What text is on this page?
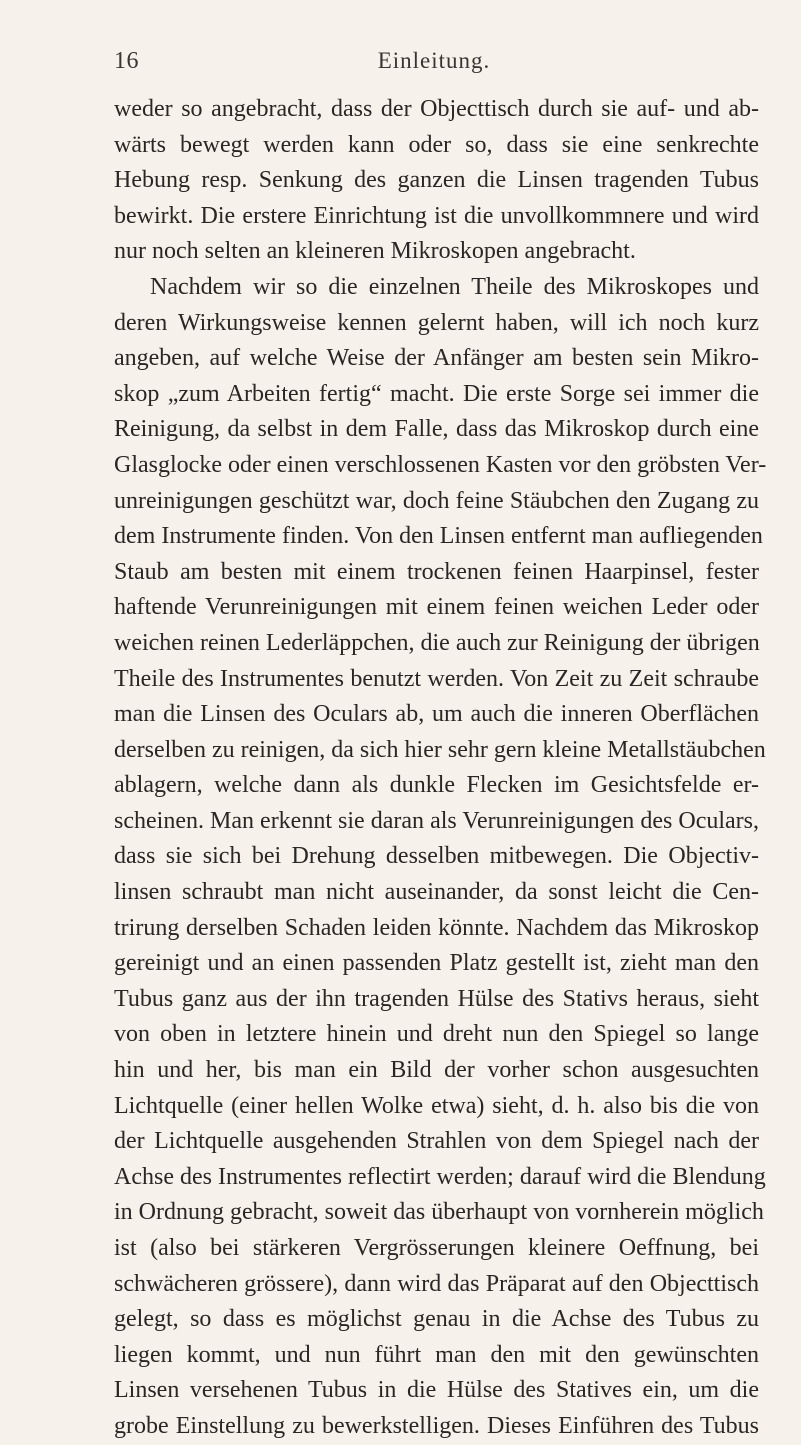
16	Einleitung.
weder so angebracht, dass der Objecttisch durch sie auf- und ab-
wärts bewegt werden kann oder so, dass sie eine senkrechte
Hebung resp. Senkung des ganzen die Linsen tragenden Tubus
bewirkt. Die erstere Einrichtung ist die unvollkommnere und wird
nur noch selten an kleineren Mikroskopen angebracht.
Nachdem wir so die einzelnen Theile des Mikroskopes und
deren Wirkungsweise kennen gelernt haben, will ich noch kurz
angeben, auf welche Weise der Anfänger am besten sein Mikro-
skop „zum Arbeiten fertig“ macht. Die erste Sorge sei immer die
Reinigung, da selbst in dem Falle, dass das Mikroskop durch eine
Glasglocke oder einen verschlossenen Kasten vor den gröbsten Ver-
unreinigungen geschützt war, doch feine Stäubchen den Zugang zu
dem Instrumente finden. Von den Linsen entfernt man aufliegenden
Staub am besten mit einem trockenen feinen Haarpinsel, fester
haftende Verunreinigungen mit einem feinen weichen Leder oder
weichen reinen Lederläppchen, die auch zur Reinigung der übrigen
Theile des Instrumentes benutzt werden. Von Zeit zu Zeit schraube
man die Linsen des Oculars ab, um auch die inneren Oberflächen
derselben zu reinigen, da sich hier sehr gern kleine Metallstäubchen
ablagern, welche dann als dunkle Flecken im Gesichtsfelde er-
scheinen. Man erkennt sie daran als Verunreinigungen des Oculars,
dass sie sich bei Drehung desselben mitbewegen. Die Objectiv-
linsen schraubt man nicht auseinander, da sonst leicht die Cen-
trirung derselben Schaden leiden könnte. Nachdem das Mikroskop
gereinigt und an einen passenden Platz gestellt ist, zieht man den
Tubus ganz aus der ihn tragenden Hülse des Stativs heraus, sieht
von oben in letztere hinein und dreht nun den Spiegel so lange
hin und her, bis man ein Bild der vorher schon ausgesuchten
Lichtquelle (einer hellen Wolke etwa) sieht, d. h. also bis die von
der Lichtquelle ausgehenden Strahlen von dem Spiegel nach der
Achse des Instrumentes reflectirt werden; darauf wird die Blendung
in Ordnung gebracht, soweit das überhaupt von vornherein möglich
ist (also bei stärkeren Vergrösserungen kleinere Oeffnung, bei
schwächeren grössere), dann wird das Präparat auf den Objecttisch
gelegt, so dass es möglichst genau in die Achse des Tubus zu
liegen kommt, und nun führt man den mit den gewünschten
Linsen versehenen Tubus in die Hülse des Statives ein, um die
grobe Einstellung zu bewerkstelligen. Dieses Einführen des Tubus
